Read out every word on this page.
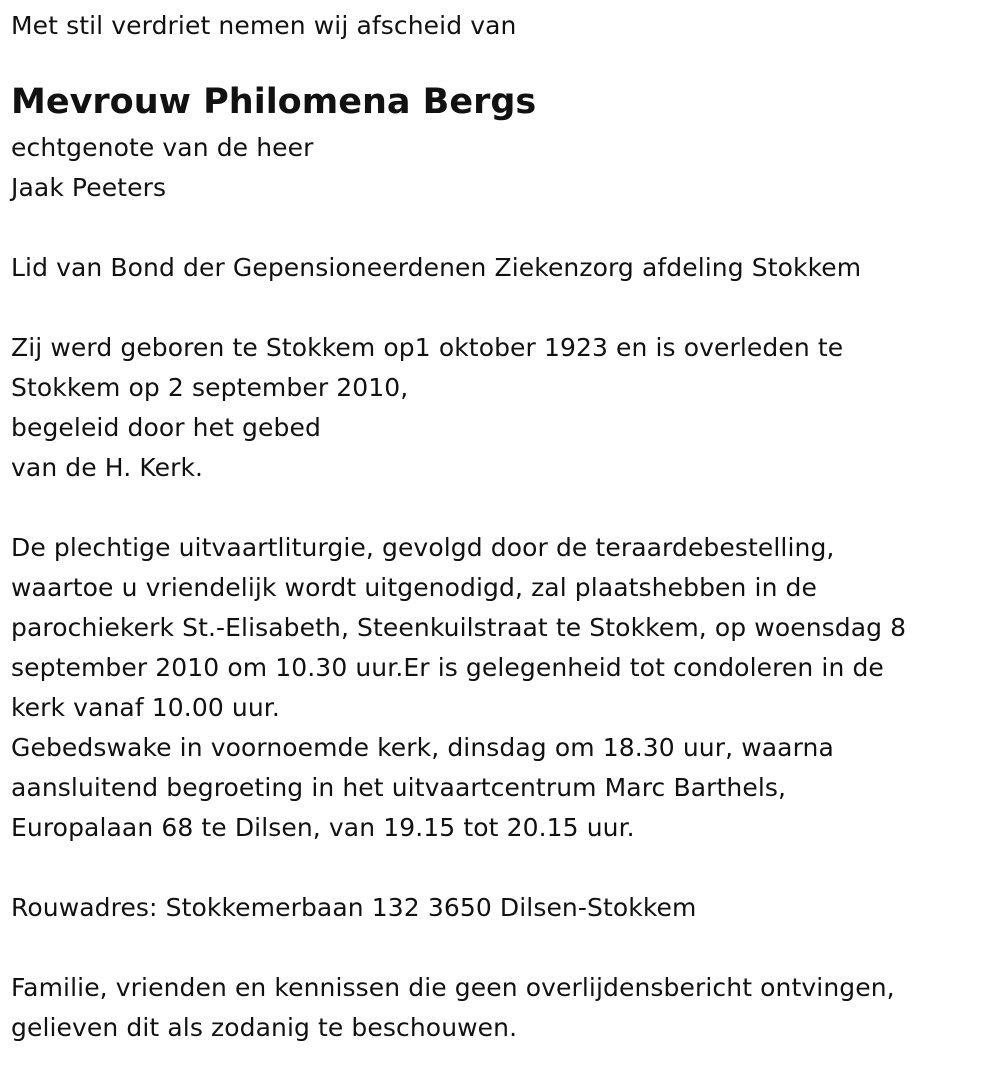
Met stil verdriet nemen wij afscheid van
Mevrouw Philomena Bergs
echtgenote van de heer
Jaak Peeters
Lid van Bond der Gepensioneerdenen Ziekenzorg afdeling Stokkem
Zij werd geboren te Stokkem op1 oktober 1923 en is overleden te
Stokkem op 2 september 2010,
begeleid door het gebed
van de H. Kerk.
De plechtige uitvaartliturgie, gevolgd door de teraardebestelling,
waartoe u vriendelijk wordt uitgenodigd, zal plaatshebben in de
parochiekerk St.-Elisabeth, Steenkuilstraat te Stokkem, op woensdag 8
september 2010 om 10.30 uur.Er is gelegenheid tot condoleren in de
kerk vanaf 10.00 uur.
Gebedswake in voornoemde kerk, dinsdag om 18.30 uur, waarna
aansluitend begroeting in het uitvaartcentrum Marc Barthels,
Europalaan 68 te Dilsen, van 19.15 tot 20.15 uur.
Rouwadres: Stokkemerbaan 132 3650 Dilsen-Stokkem
Familie, vrienden en kennissen die geen overlijdensbericht ontvingen,
gelieven dit als zodanig te beschouwen.
